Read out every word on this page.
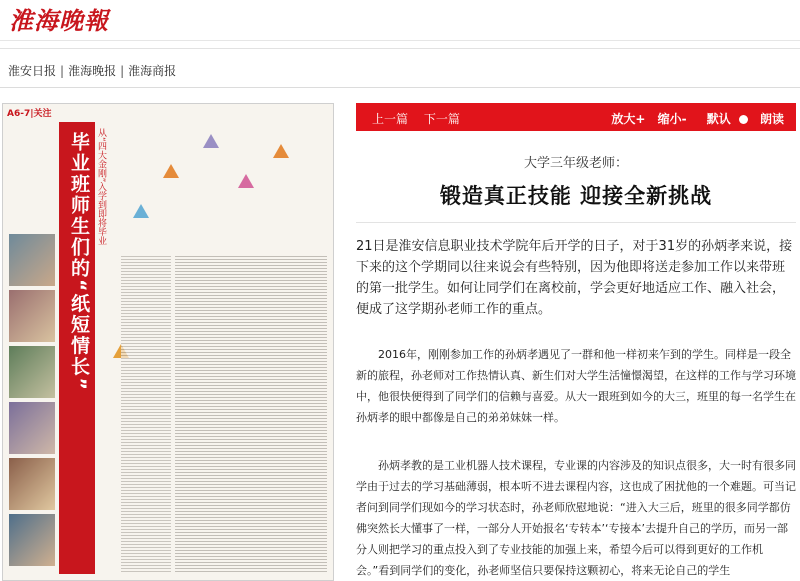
淮海晚報
淮安日报 | 淮海晚报 | 淮海商报
A6-7|关注
毕业班师生们的“纸短情长” 从“四大金刚”入学到即将毕业
上一篇 下一篇	放大+ 缩小- 默认 朗读
大学三年级老师：
锻造真正技能 迎接全新挑战
21日是淮安信息职业技术学院年后开学的日子，对于31岁的孙炳孝来说，接下来的这个学期同以往来说会有些特别，因为他即将送走参加工作以来带班的第一批学生。如何让同学们在离校前，学会更好地适应工作、融入社会，便成了这学期孙老师工作的重点。
2016年，刚刚参加工作的孙炳孝遇见了一群和他一样初来乍到的学生。同样是一段全新的旅程，孙老师对工作热情认真、新生们对大学生活憧憬渴望，在这样的工作与学习环境中，他很快便得到了同学们的信赖与喜爱。从大一跟班到如今的大三，班里的每一名学生在孙炳孝的眼中都像是自己的弟弟妹妹一样。
孙炳孝教的是工业机器人技术课程，专业课的内容涉及的知识点很多，大一时有很多同学由于过去的学习基础薄弱，根本听不进去课程内容，这也成了困扰他的一个难题。可当记者问到同学们现如今的学习状态时，孙老师欣慰地说：“进入大三后，班里的很多同学都仿佛突然长大懂事了一样，一部分人开始报名‘专转本’‘专接本’去提升自己的学历，而另一部分人则把学习的重点投入到了专业技能的加强上来，希望今后可以得到更好的工作机会。”看到同学们的变化，孙老师坚信只要保持这颗初心，将来无论自己的学生
